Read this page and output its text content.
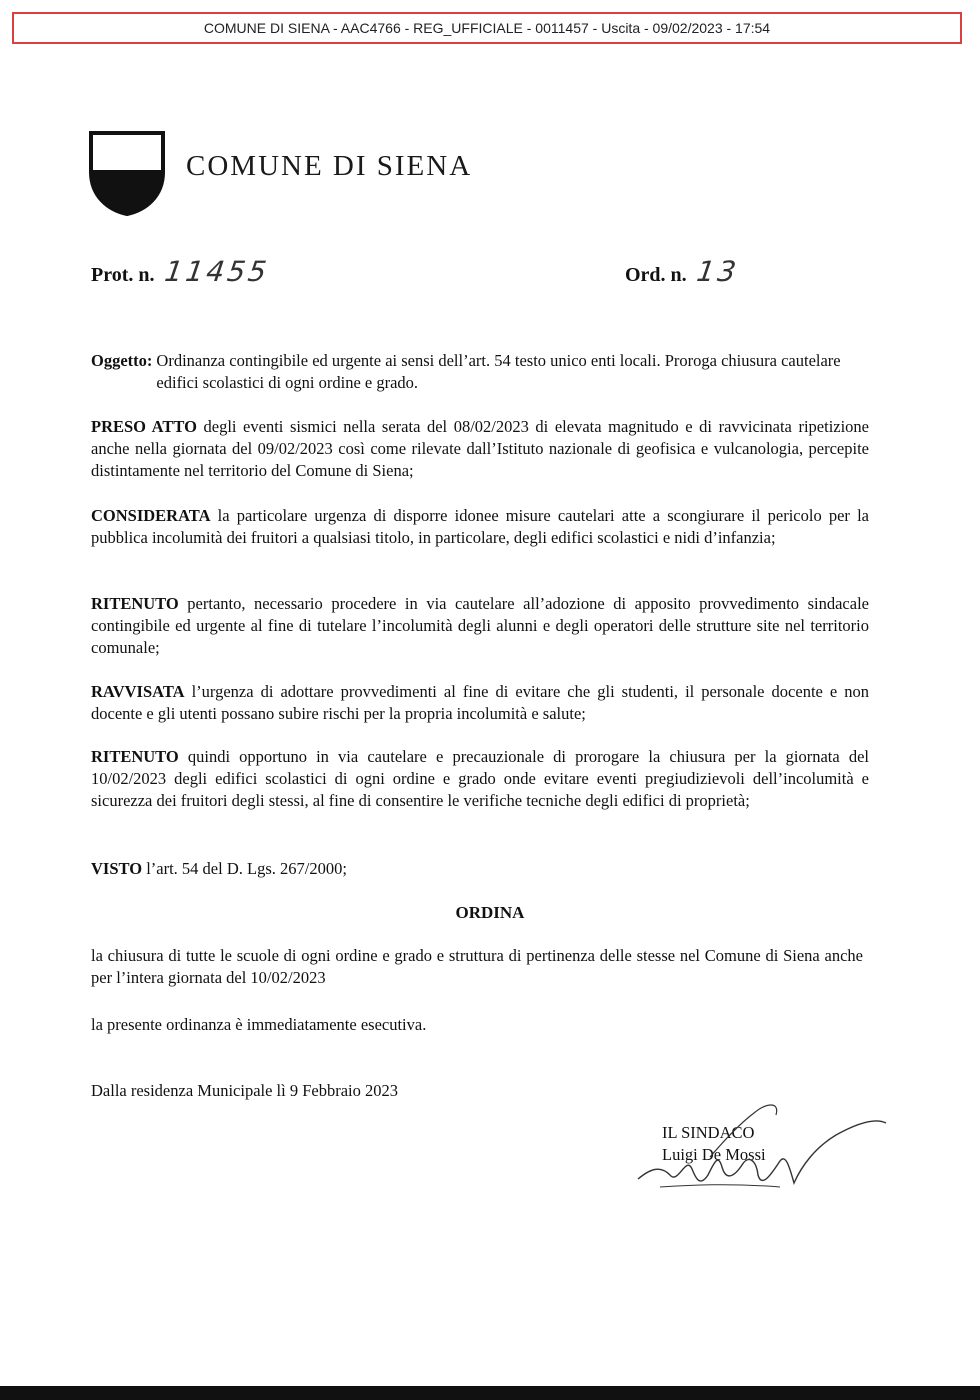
COMUNE DI SIENA - AAC4766 - REG_UFFICIALE - 0011457 - Uscita - 09/02/2023 - 17:54
COMUNE DI SIENA
Prot. n. 11455	Ord. n. 13
Oggetto: Ordinanza contingibile ed urgente ai sensi dell’art. 54 testo unico enti locali. Proroga chiusura cautelare edifici scolastici di ogni ordine e grado.
PRESO ATTO degli eventi sismici nella serata del 08/02/2023 di elevata magnitudo e di ravvicinata ripetizione anche nella giornata del 09/02/2023 così come rilevate dall’Istituto nazionale di geofisica e vulcanologia, percepite distintamente nel territorio del Comune di Siena;
CONSIDERATA la particolare urgenza di disporre idonee misure cautelari atte a scongiurare il pericolo per la pubblica incolumità dei fruitori a qualsiasi titolo, in particolare, degli edifici scolastici e nidi d’infanzia;
RITENUTO pertanto, necessario procedere in via cautelare all’adozione di apposito provvedimento sindacale contingibile ed urgente al fine di tutelare l’incolumità degli alunni e degli operatori delle strutture site nel territorio comunale;
RAVVISATA l’urgenza di adottare provvedimenti al fine di evitare che gli studenti, il personale docente e non docente e gli utenti possano subire rischi per la propria incolumità e salute;
RITENUTO quindi opportuno in via cautelare e precauzionale di prorogare la chiusura per la giornata del 10/02/2023 degli edifici scolastici di ogni ordine e grado onde evitare eventi pregiudizievoli dell’incolumità e sicurezza dei fruitori degli stessi, al fine di consentire le verifiche tecniche degli edifici di proprietà;
VISTO l’art. 54 del D. Lgs. 267/2000;
ORDINA
la chiusura di tutte le scuole di ogni ordine e grado e struttura di pertinenza delle stesse nel Comune di Siena anche per l’intera giornata del 10/02/2023
la presente ordinanza è immediatamente esecutiva.
Dalla residenza Municipale lì 9 Febbraio 2023
IL SINDACO
Luigi De Mossi
